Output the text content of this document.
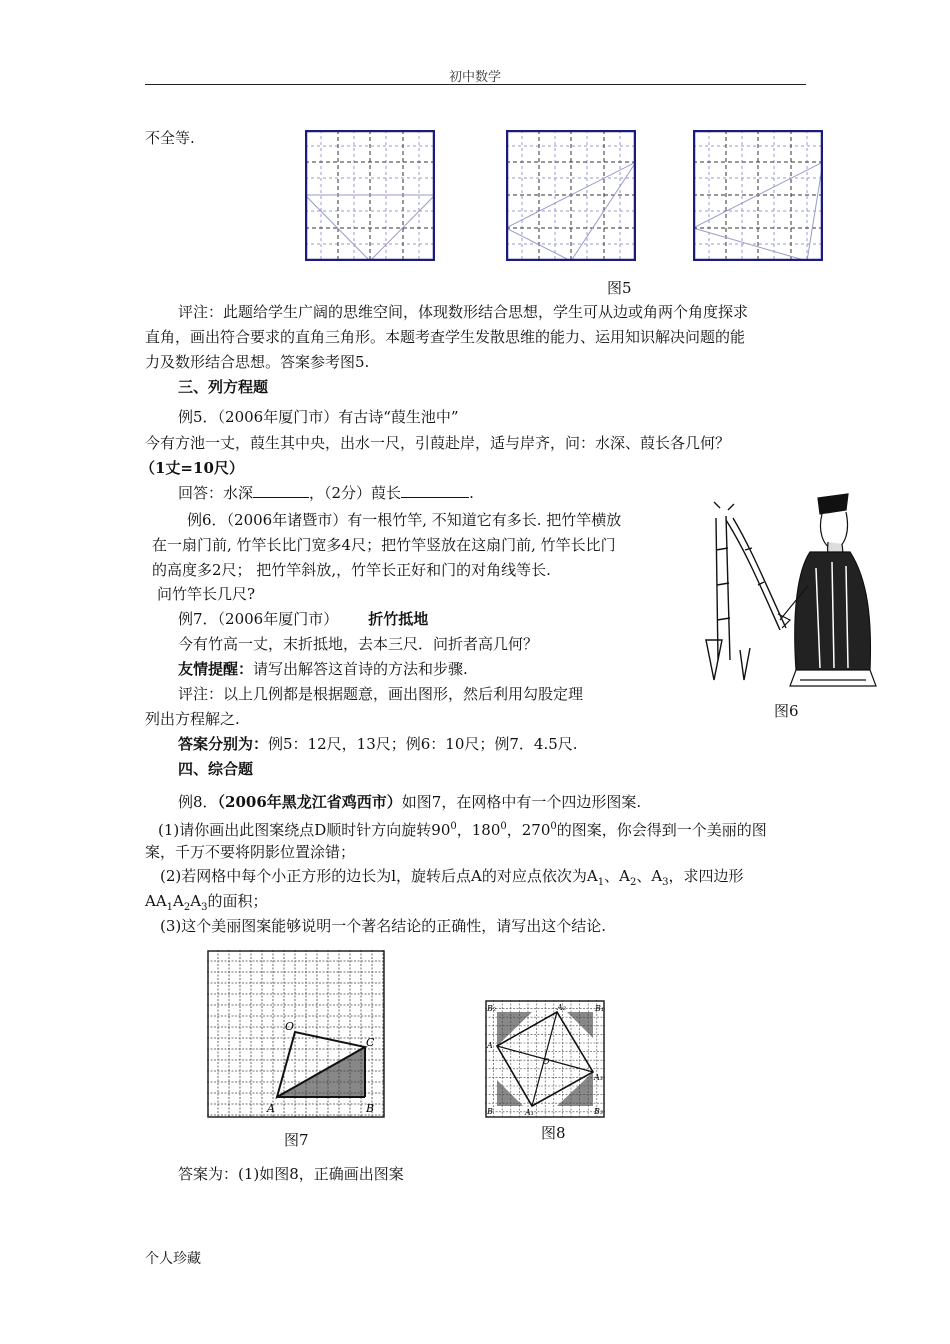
初中数学
不全等.
图5
评注：此题给学生广阔的思维空间，体现数形结合思想，学生可从边或角两个角度探求
直角，画出符合要求的直角三角形。本题考查学生发散思维的能力、运用知识解决问题的能
力及数形结合思想。答案参考图5.
三、列方程题
例5．（2006年厦门市）有古诗“葭生池中”
今有方池一丈，葭生其中央，出水一尺，引葭赴岸，适与岸齐，问：水深、葭长各几何？
（1丈=10尺）
回答：水深	，（2分）葭长	.
例6．（2006年诸暨市）有一根竹竿, 不知道它有多长. 把竹竿横放
在一扇门前, 竹竿长比门宽多4尺；把竹竿竖放在这扇门前, 竹竿长比门
的高度多2尺； 把竹竿斜放,，竹竿长正好和门的对角线等长.
问竹竿长几尺?
例7．（2006年厦门市） 折竹抵地
今有竹高一丈，末折抵地，去本三尺．问折者高几何？
友情提醒：请写出解答这首诗的方法和步骤.
评注：以上几例都是根据题意，画出图形，然后利用勾股定理
列出方程解之.	图6
答案分别为：例5：12尺，13尺；例6：10尺；例7．4.5尺.
四、综合题
例8．（2006年黑龙江省鸡西市）如图7，在网格中有一个四边形图案.
(1)请你画出此图案绕点D顺时针方向旋转$90^0$，$180^0$，$270^0$的图案，你会得到一个美丽的图
案，千万不要将阴影位置涂错；
(2)若网格中每个小正方形的边长为l，旋转后点A的对应点依次为$A_1$、$A_2$、$A_3$，求四边形
$AA_1A_2A_3$的面积；
(3)这个美丽图案能够说明一个著名结论的正确性，请写出这个结论.
O
C
A	B
图7
B₂	A₂	B₁
A
A₃
O
B	A₁	B₃
图8
答案为：(1)如图8，正确画出图案
个人珍藏
